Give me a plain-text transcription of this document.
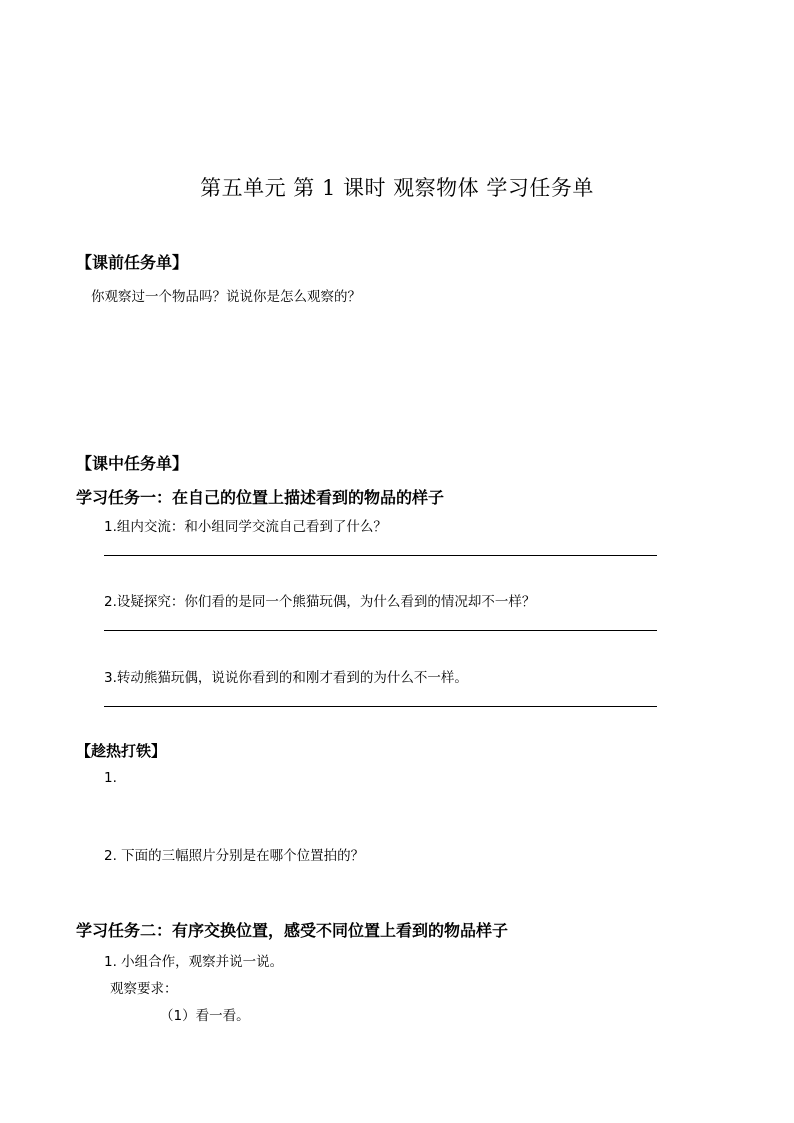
第五单元 第 1 课时 观察物体 学习任务单
【课前任务单】
你观察过一个物品吗？说说你是怎么观察的？
【课中任务单】
学习任务一：在自己的位置上描述看到的物品的样子
1.组内交流：和小组同学交流自己看到了什么？
2.设疑探究：你们看的是同一个熊猫玩偶，为什么看到的情况却不一样？
3.转动熊猫玩偶，说说你看到的和刚才看到的为什么不一样。
【趁热打铁】
1.
2. 下面的三幅照片分别是在哪个位置拍的？
学习任务二：有序交换位置，感受不同位置上看到的物品样子
1. 小组合作，观察并说一说。
观察要求：
（1）看一看。
